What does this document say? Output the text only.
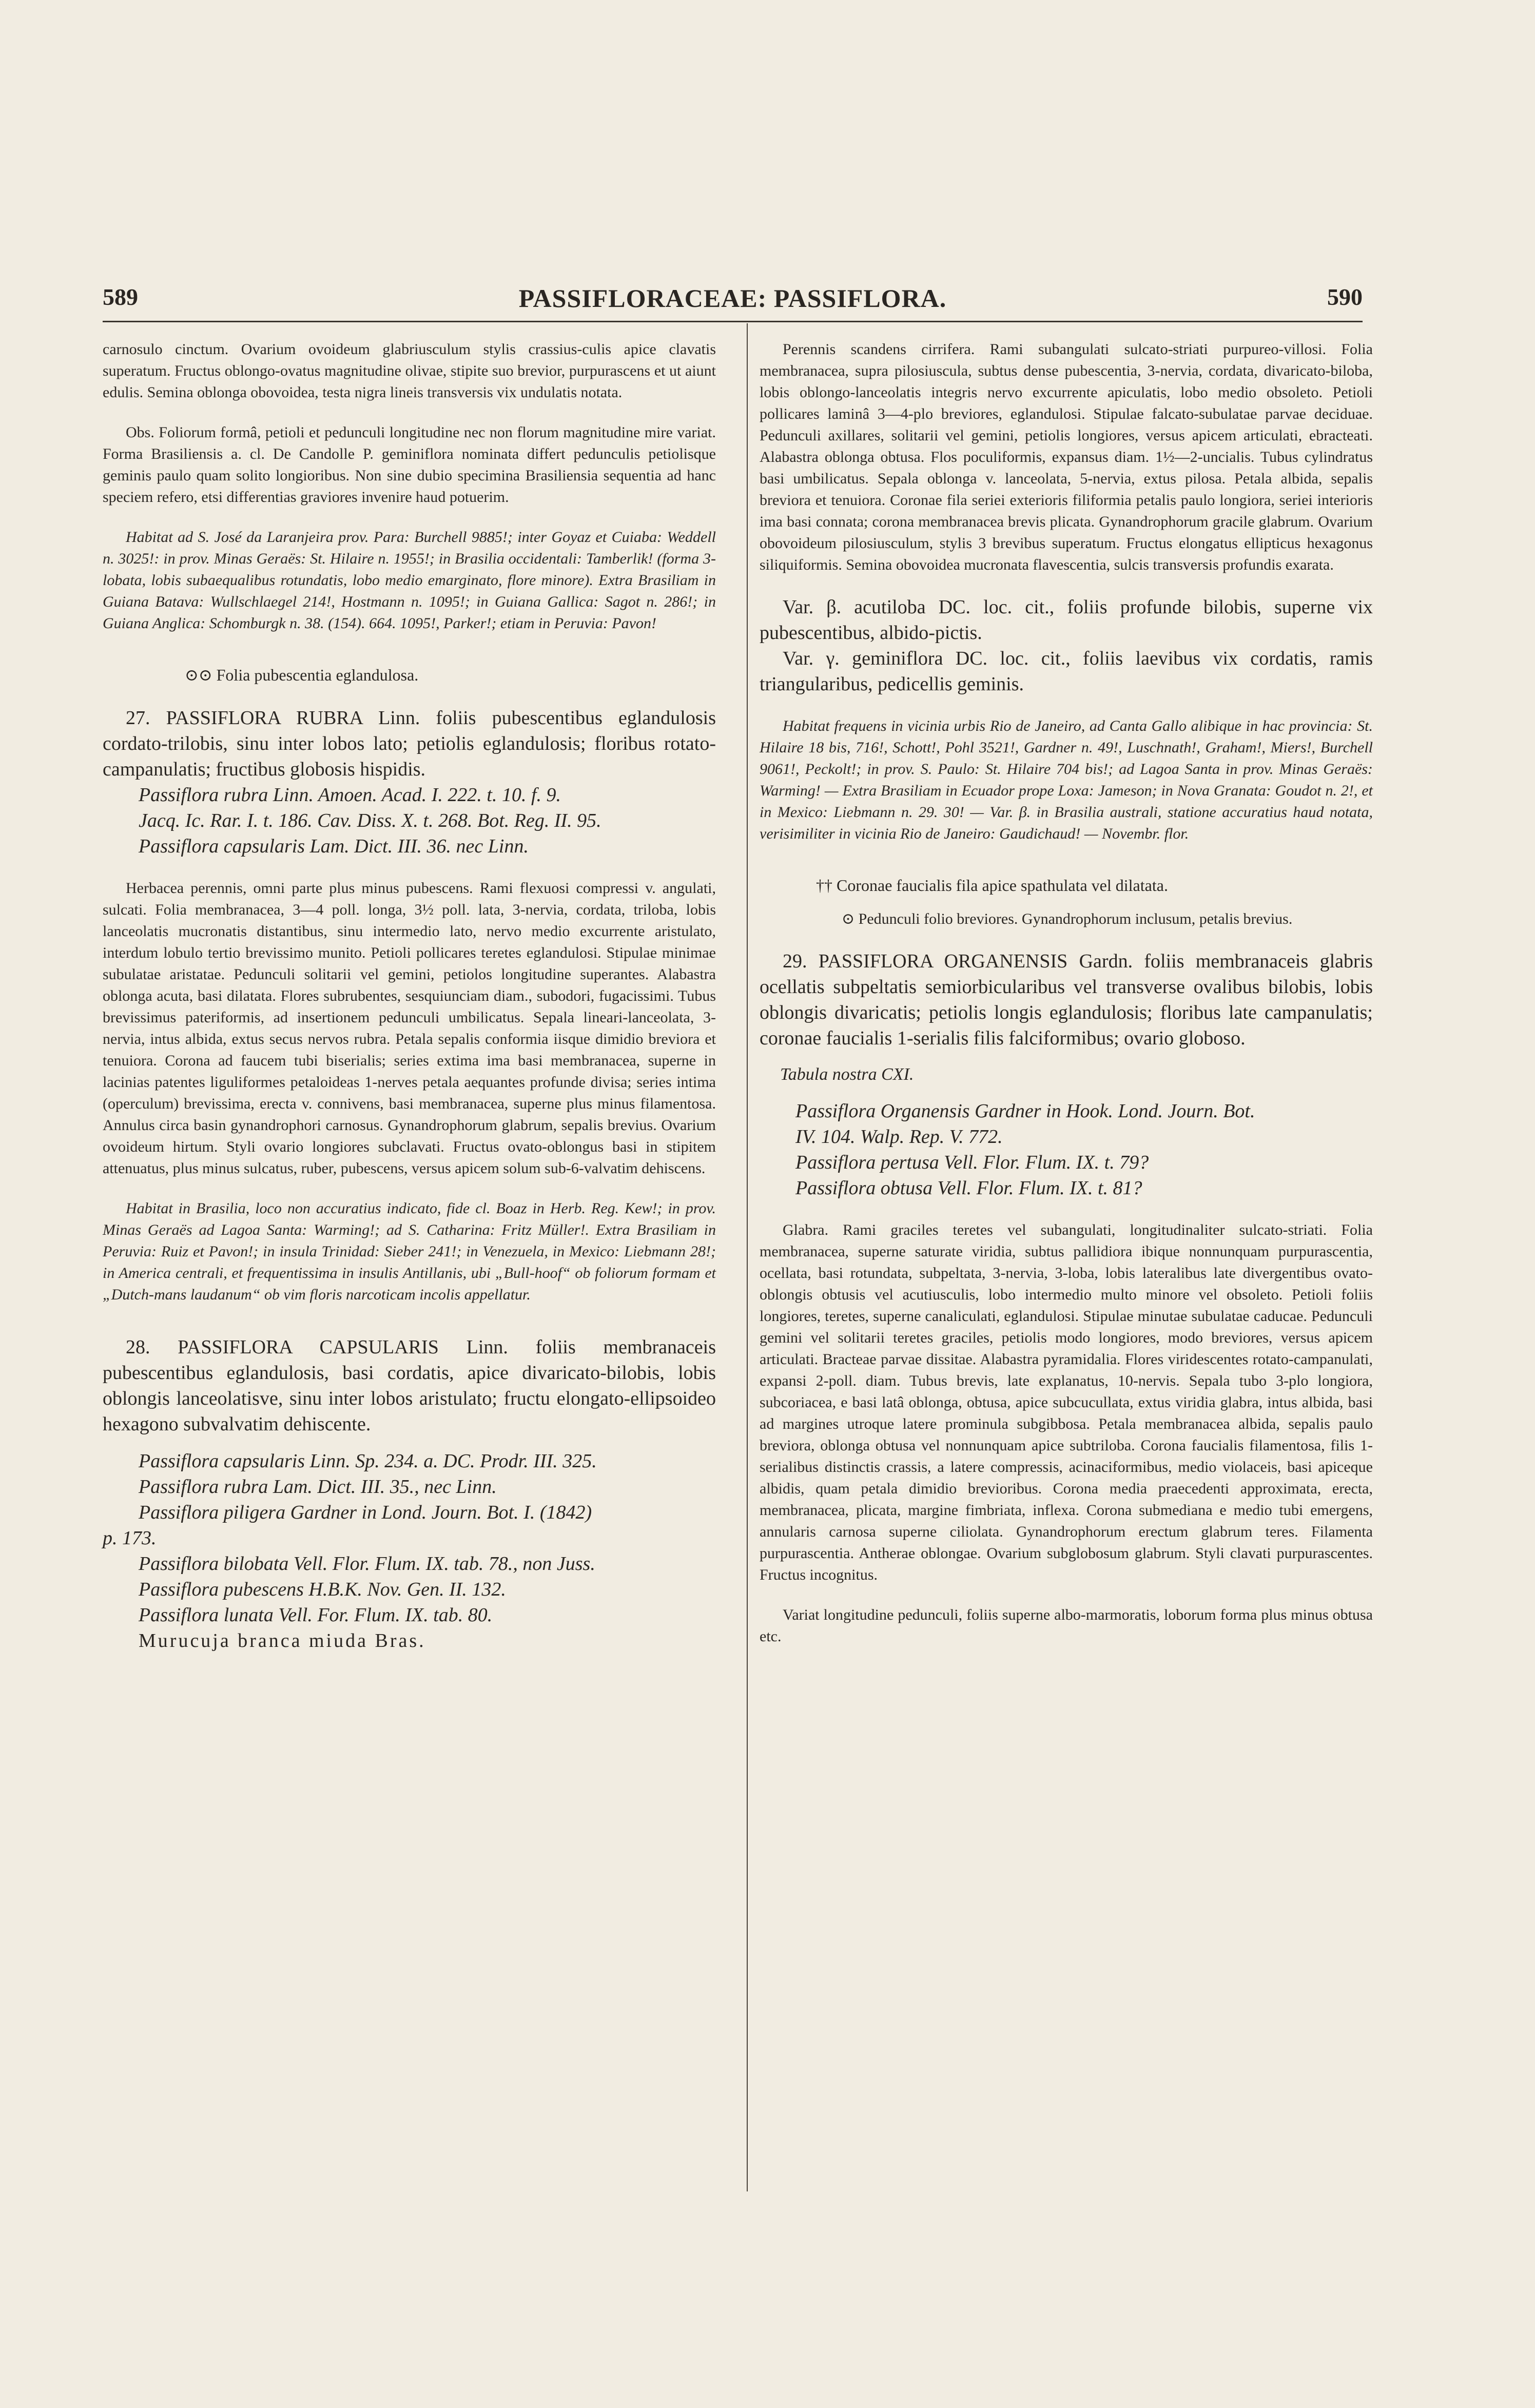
589	PASSIFLORACEAE: PASSIFLORA.	590

carnosulo cinctum. Ovarium ovoideum glabriusculum stylis crassius-culis apice clavatis superatum. Fructus oblongo-ovatus magnitudine olivae, stipite suo brevior, purpurascens et ut aiunt edulis. Semina oblonga obovoidea, testa nigra lineis transversis vix undulatis notata.

Obs. Foliorum formâ, petioli et pedunculi longitudine nec non florum magnitudine mire variat. Forma Brasiliensis a. cl. De Candolle P. geminiflora nominata differt pedunculis petiolisque geminis paulo quam solito longioribus. Non sine dubio specimina Brasiliensia sequentia ad hanc speciem refero, etsi differentias graviores invenire haud potuerim.

Habitat ad S. José da Laranjeira prov. Para: Burchell 9885!; inter Goyaz et Cuiaba: Weddell n. 3025!: in prov. Minas Geraës: St. Hilaire n. 1955!; in Brasilia occidentali: Tamberlik! (forma 3-lobata, lobis subaequalibus rotundatis, lobo medio emarginato, flore minore). Extra Brasiliam in Guiana Batava: Wullschlaegel 214!, Hostmann n. 1095!; in Guiana Gallica: Sagot n. 286!; in Guiana Anglica: Schomburgk n. 38. (154). 664. 1095!, Parker!; etiam in Peruvia: Pavon!

⊙⊙ Folia pubescentia eglandulosa.

27. PASSIFLORA RUBRA Linn. foliis pubescentibus eglandulosis cordato-trilobis, sinu inter lobos lato; petiolis eglandulosis; floribus rotato-campanulatis; fructibus globosis hispidis.

Passiflora rubra Linn. Amoen. Acad. I. 222. t. 10. f. 9.

Jacq. Ic. Rar. I. t. 186. Cav. Diss. X. t. 268. Bot. Reg. II. 95.

Passiflora capsularis Lam. Dict. III. 36. nec Linn.

Herbacea perennis, omni parte plus minus pubescens. Rami flexuosi compressi v. angulati, sulcati. Folia membranacea, 3—4 poll. longa, 3½ poll. lata, 3-nervia, cordata, triloba, lobis lanceolatis mucronatis distantibus, sinu intermedio lato, nervo medio excurrente aristulato, interdum lobulo tertio brevissimo munito. Petioli pollicares teretes eglandulosi. Stipulae minimae subulatae aristatae. Pedunculi solitarii vel gemini, petiolos longitudine superantes. Alabastra oblonga acuta, basi dilatata. Flores subrubentes, sesquiunciam diam., subodori, fugacissimi. Tubus brevissimus pateriformis, ad insertionem pedunculi umbilicatus. Sepala lineari-lanceolata, 3-nervia, intus albida, extus secus nervos rubra. Petala sepalis conformia iisque dimidio breviora et tenuiora. Corona ad faucem tubi biserialis; series extima ima basi membranacea, superne in lacinias patentes liguliformes petaloideas 1-nerves petala aequantes profunde divisa; series intima (operculum) brevissima, erecta v. connivens, basi membranacea, superne plus minus filamentosa. Annulus circa basin gynandrophori carnosus. Gynandrophorum glabrum, sepalis brevius. Ovarium ovoideum hirtum. Styli ovario longiores subclavati. Fructus ovato-oblongus basi in stipitem attenuatus, plus minus sulcatus, ruber, pubescens, versus apicem solum sub-6-valvatim dehiscens.

Habitat in Brasilia, loco non accuratius indicato, fide cl. Boaz in Herb. Reg. Kew!; in prov. Minas Geraës ad Lagoa Santa: Warming!; ad S. Catharina: Fritz Müller!. Extra Brasiliam in Peruvia: Ruiz et Pavon!; in insula Trinidad: Sieber 241!; in Venezuela, in Mexico: Liebmann 28!; in America centrali, et frequentissima in insulis Antillanis, ubi „Bull-hoof“ ob foliorum formam et „Dutch-mans laudanum“ ob vim floris narcoticam incolis appellatur.

28. PASSIFLORA CAPSULARIS Linn. foliis membranaceis pubescentibus eglandulosis, basi cordatis, apice divaricato-bilobis, lobis oblongis lanceolatisve, sinu inter lobos aristulato; fructu elongato-ellipsoideo hexagono subvalvatim dehiscente.

Passiflora capsularis Linn. Sp. 234. a. DC. Prodr. III. 325.

Passiflora rubra Lam. Dict. III. 35., nec Linn.

Passiflora piligera Gardner in Lond. Journ. Bot. I. (1842)

p. 173.

Passiflora bilobata Vell. Flor. Flum. IX. tab. 78., non Juss.

Passiflora pubescens H.B.K. Nov. Gen. II. 132.

Passiflora lunata Vell. For. Flum. IX. tab. 80.

Murucuja branca miuda Bras.

Perennis scandens cirrifera. Rami subangulati sulcato-striati purpureo-villosi. Folia membranacea, supra pilosiuscula, subtus dense pubescentia, 3-nervia, cordata, divaricato-biloba, lobis oblongo-lanceolatis integris nervo excurrente apiculatis, lobo medio obsoleto. Petioli pollicares laminâ 3—4-plo breviores, eglandulosi. Stipulae falcato-subulatae parvae deciduae. Pedunculi axillares, solitarii vel gemini, petiolis longiores, versus apicem articulati, ebracteati. Alabastra oblonga obtusa. Flos poculiformis, expansus diam. 1½—2-uncialis. Tubus cylindratus basi umbilicatus. Sepala oblonga v. lanceolata, 5-nervia, extus pilosa. Petala albida, sepalis breviora et tenuiora. Coronae fila seriei exterioris filiformia petalis paulo longiora, seriei interioris ima basi connata; corona membranacea brevis plicata. Gynandrophorum gracile glabrum. Ovarium obovoideum pilosiusculum, stylis 3 brevibus superatum. Fructus elongatus ellipticus hexagonus siliquiformis. Semina obovoidea mucronata flavescentia, sulcis transversis profundis exarata.

Var. β. acutiloba DC. loc. cit., foliis profunde bilobis, superne vix pubescentibus, albido-pictis.

Var. γ. geminiflora DC. loc. cit., foliis laevibus vix cordatis, ramis triangularibus, pedicellis geminis.

Habitat frequens in vicinia urbis Rio de Janeiro, ad Canta Gallo alibique in hac provincia: St. Hilaire 18 bis, 716!, Schott!, Pohl 3521!, Gardner n. 49!, Luschnath!, Graham!, Miers!, Burchell 9061!, Peckolt!; in prov. S. Paulo: St. Hilaire 704 bis!; ad Lagoa Santa in prov. Minas Geraës: Warming! — Extra Brasiliam in Ecuador prope Loxa: Jameson; in Nova Granata: Goudot n. 2!, et in Mexico: Liebmann n. 29. 30! — Var. β. in Brasilia australi, statione accuratius haud notata, verisimiliter in vicinia Rio de Janeiro: Gaudichaud! — Novembr. flor.

†† Coronae faucialis fila apice spathulata vel dilatata.

⊙ Pedunculi folio breviores. Gynandrophorum inclusum, petalis brevius.

29. PASSIFLORA ORGANENSIS Gardn. foliis membranaceis glabris ocellatis subpeltatis semiorbicularibus vel transverse ovalibus bilobis, lobis oblongis divaricatis; petiolis longis eglandulosis; floribus late campanulatis; coronae faucialis 1-serialis filis falciformibus; ovario globoso.

Tabula nostra CXI.

Passiflora Organensis Gardner in Hook. Lond. Journ. Bot.

IV. 104. Walp. Rep. V. 772.

Passiflora pertusa Vell. Flor. Flum. IX. t. 79?

Passiflora obtusa Vell. Flor. Flum. IX. t. 81?

Glabra. Rami graciles teretes vel subangulati, longitudinaliter sulcato-striati. Folia membranacea, superne saturate viridia, subtus pallidiora ibique nonnunquam purpurascentia, ocellata, basi rotundata, subpeltata, 3-nervia, 3-loba, lobis lateralibus late divergentibus ovato-oblongis obtusis vel acutiusculis, lobo intermedio multo minore vel obsoleto. Petioli foliis longiores, teretes, superne canaliculati, eglandulosi. Stipulae minutae subulatae caducae. Pedunculi gemini vel solitarii teretes graciles, petiolis modo longiores, modo breviores, versus apicem articulati. Bracteae parvae dissitae. Alabastra pyramidalia. Flores viridescentes rotato-campanulati, expansi 2-poll. diam. Tubus brevis, late explanatus, 10-nervis. Sepala tubo 3-plo longiora, subcoriacea, e basi latâ oblonga, obtusa, apice subcucullata, extus viridia glabra, intus albida, basi ad margines utroque latere prominula subgibbosa. Petala membranacea albida, sepalis paulo breviora, oblonga obtusa vel nonnunquam apice subtriloba. Corona faucialis filamentosa, filis 1-serialibus distinctis crassis, a latere compressis, acinaciformibus, medio violaceis, basi apiceque albidis, quam petala dimidio brevioribus. Corona media praecedenti approximata, erecta, membranacea, plicata, margine fimbriata, inflexa. Corona submediana e medio tubi emergens, annularis carnosa superne ciliolata. Gynandrophorum erectum glabrum teres. Filamenta purpurascentia. Antherae oblongae. Ovarium subglobosum glabrum. Styli clavati purpurascentes. Fructus incognitus.

Variat longitudine pedunculi, foliis superne albo-marmoratis, loborum forma plus minus obtusa etc.
